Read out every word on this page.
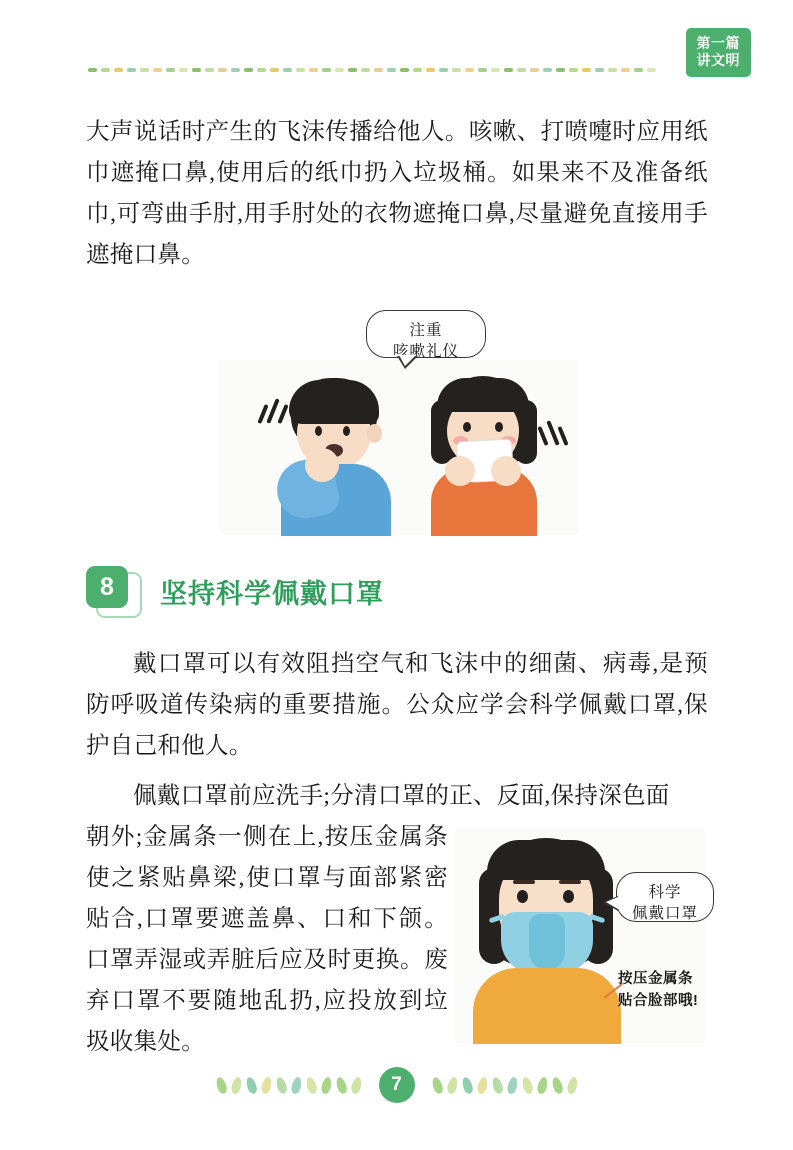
第一篇
讲文明
大声说话时产生的飞沫传播给他人。咳嗽、打喷嚏时应用纸巾遮掩口鼻,使用后的纸巾扔入垃圾桶。如果来不及准备纸巾,可弯曲手肘,用手肘处的衣物遮掩口鼻,尽量避免直接用手遮掩口鼻。
注重
咳嗽礼仪
8	坚持科学佩戴口罩
戴口罩可以有效阻挡空气和飞沫中的细菌、病毒,是预防呼吸道传染病的重要措施。公众应学会科学佩戴口罩,保护自己和他人。
佩戴口罩前应洗手;分清口罩的正、反面,保持深色面
朝外;金属条一侧在上,按压金属条使之紧贴鼻梁,使口罩与面部紧密贴合,口罩要遮盖鼻、口和下颌。口罩弄湿或弄脏后应及时更换。废弃口罩不要随地乱扔,应投放到垃圾收集处。
科学
佩戴口罩
按压金属条
贴合脸部哦!
7
